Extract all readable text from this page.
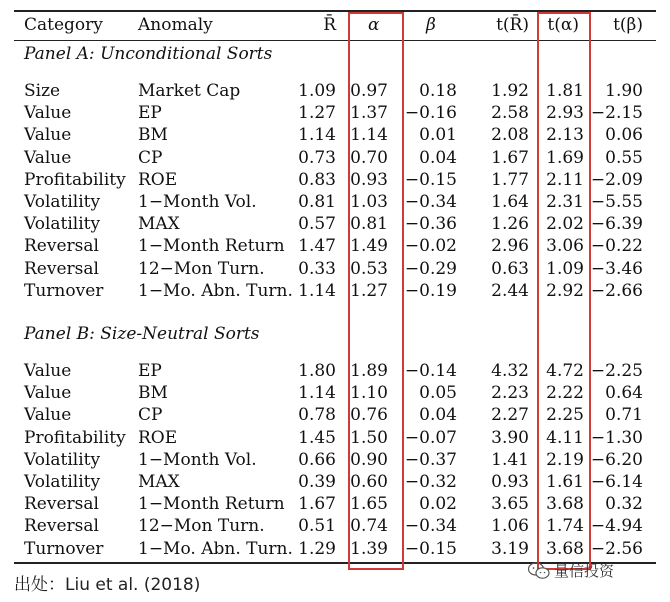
Category Anomaly	R̄ α	β	t(R̄) t(α) t(β)
Panel A: Unconditional Sorts
Panel B: Size-Neutral Sorts
Size	Market Cap	1.09 0.97 0.18 1.92 1.81 1.90
Value	EP	1.27 1.37 −0.16 2.58 2.93 −2.15
Value	BM	1.14 1.14 0.01 2.08 2.13 0.06
Value	CP	0.73 0.70 0.04 1.67 1.69 0.55
Profitability ROE	0.83 0.93 −0.15 1.77 2.11 −2.09
Volatility 1−Month Vol. 0.81 1.03 −0.34 1.64 2.31 −5.55
Volatility MAX	0.57 0.81 −0.36 1.26 2.02 −6.39
Reversal 1−Month Return 1.47 1.49 −0.02 2.96 3.06 −0.22
Reversal 12−Mon Turn. 0.33 0.53 −0.29 0.63 1.09 −3.46
Turnover 1−Mo. Abn. Turn. 1.14 1.27 −0.19 2.44 2.92 −2.66
Value	EP	1.80 1.89 −0.14 4.32 4.72 −2.25
Value	BM	1.14 1.10 0.05 2.23 2.22 0.64
Value	CP	0.78 0.76 0.04 2.27 2.25 0.71
Profitability ROE	1.45 1.50 −0.07 3.90 4.11 −1.30
Volatility 1−Month Vol. 0.66 0.90 −0.37 1.41 2.19 −6.20
Volatility MAX	0.39 0.60 −0.32 0.93 1.61 −6.14
Reversal 1−Month Return 1.67 1.65 0.02 3.65 3.68 0.32
Reversal 12−Mon Turn. 0.51 0.74 −0.34 1.06 1.74 −4.94
Turnover 1−Mo. Abn. Turn. 1.29 1.39 −0.15 3.19 3.68 −2.56
出处：Liu et al. (2018)
量信投资
